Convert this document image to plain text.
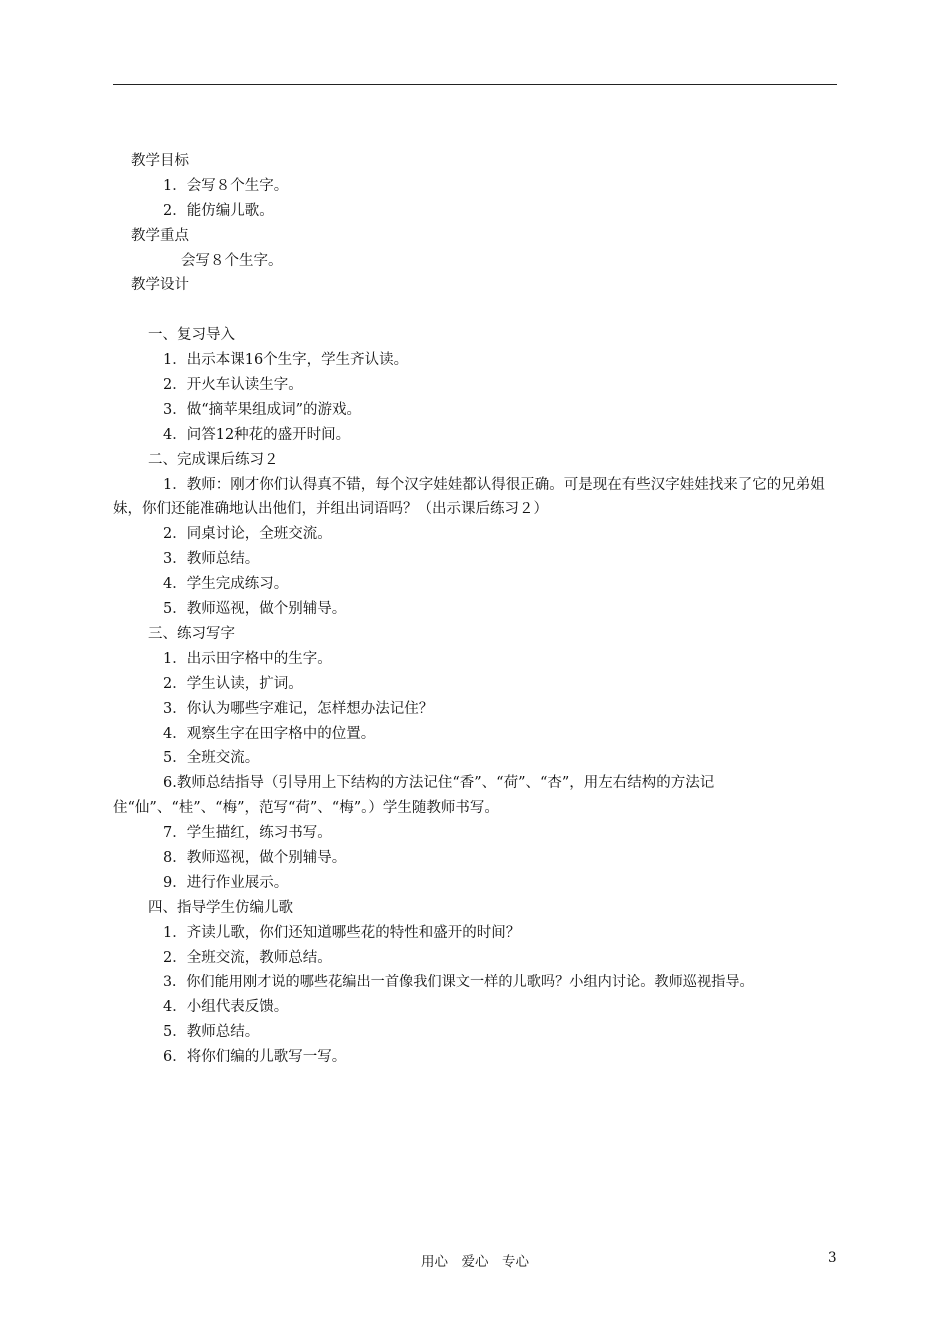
教学目标
1．会写８个生字。
2．能仿编儿歌。
教学重点
会写８个生字。
教学设计
一、复习导入
1．出示本课16个生字，学生齐认读。
2．开火车认读生字。
3．做“摘苹果组成词”的游戏。
4．问答12种花的盛开时间。
二、完成课后练习２
1．教师：刚才你们认得真不错，每个汉字娃娃都认得很正确。可是现在有些汉字娃娃找来了它的兄弟姐妹，你们还能准确地认出他们，并组出词语吗？（出示课后练习２）
2．同桌讨论，全班交流。
3．教师总结。
4．学生完成练习。
5．教师巡视，做个别辅导。
三、练习写字
1．出示田字格中的生字。
2．学生认读，扩词。
3．你认为哪些字难记，怎样想办法记住？
4．观察生字在田字格中的位置。
5．全班交流。
6.教师总结指导（引导用上下结构的方法记住“香”、“荷”、“杏”，用左右结构的方法记住“仙”、“桂”、“梅”，范写“荷”、“梅”。）学生随教师书写。
7．学生描红，练习书写。
8．教师巡视，做个别辅导。
9．进行作业展示。
四、指导学生仿编儿歌
1．齐读儿歌，你们还知道哪些花的特性和盛开的时间？
2．全班交流，教师总结。
3．你们能用刚才说的哪些花编出一首像我们课文一样的儿歌吗？小组内讨论。教师巡视指导。
4．小组代表反馈。
5．教师总结。
6．将你们编的儿歌写一写。
用心　爱心　专心	3
